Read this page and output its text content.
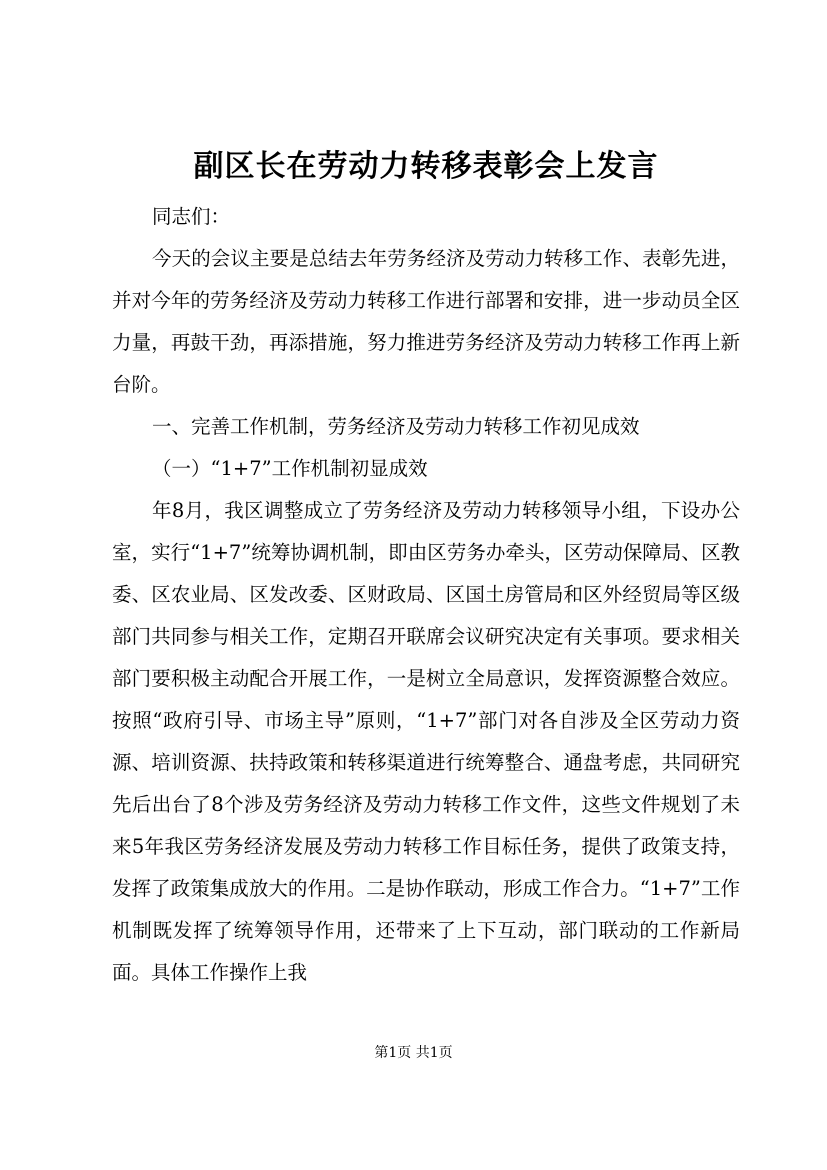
副区长在劳动力转移表彰会上发言

同志们：

今天的会议主要是总结去年劳务经济及劳动力转移工作、表彰先进，并对今年的劳务经济及劳动力转移工作进行部署和安排，进一步动员全区力量，再鼓干劲，再添措施，努力推进劳务经济及劳动力转移工作再上新台阶。

一、完善工作机制，劳务经济及劳动力转移工作初见成效

（一）“1+7”工作机制初显成效

年8月，我区调整成立了劳务经济及劳动力转移领导小组，下设办公室，实行“1+7”统筹协调机制，即由区劳务办牵头，区劳动保障局、区教委、区农业局、区发改委、区财政局、区国土房管局和区外经贸局等区级部门共同参与相关工作，定期召开联席会议研究决定有关事项。要求相关部门要积极主动配合开展工作，一是树立全局意识，发挥资源整合效应。按照“政府引导、市场主导”原则，“1+7”部门对各自涉及全区劳动力资源、培训资源、扶持政策和转移渠道进行统筹整合、通盘考虑，共同研究先后出台了8个涉及劳务经济及劳动力转移工作文件，这些文件规划了未来5年我区劳务经济发展及劳动力转移工作目标任务，提供了政策支持，发挥了政策集成放大的作用。二是协作联动，形成工作合力。“1+7”工作机制既发挥了统筹领导作用，还带来了上下互动，部门联动的工作新局面。具体工作操作上我

第1页 共1页
